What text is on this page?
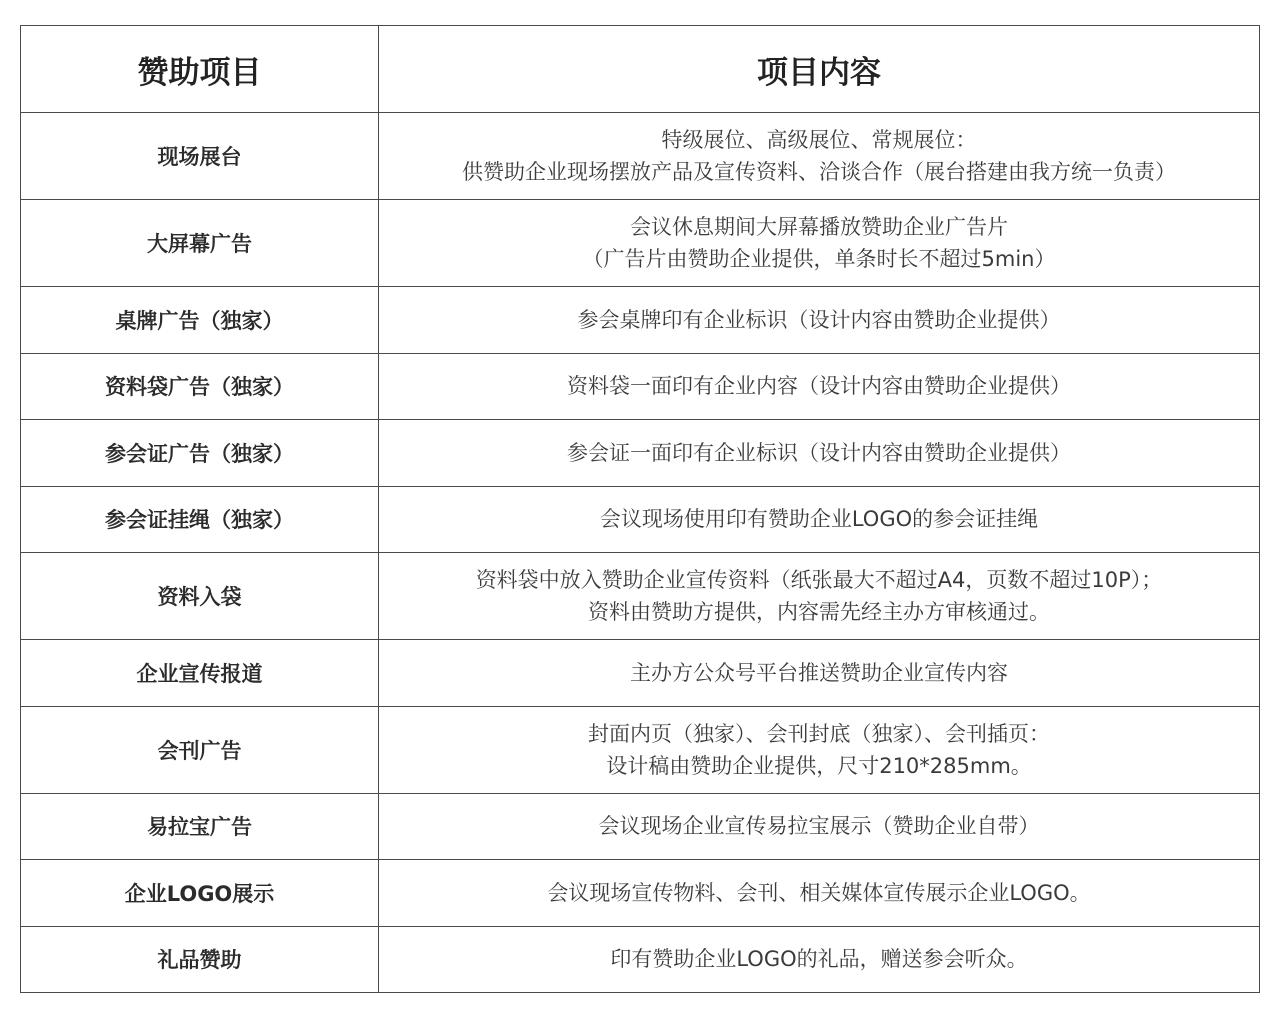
赞助项目	项目内容
现场展台	特级展位、高级展位、常规展位：
供赞助企业现场摆放产品及宣传资料、洽谈合作（展台搭建由我方统一负责）

大屏幕广告	会议休息期间大屏幕播放赞助企业广告片
（广告片由赞助企业提供，单条时长不超过5min）

桌牌广告（独家）	参会桌牌印有企业标识（设计内容由赞助企业提供）

资料袋广告（独家）	资料袋一面印有企业内容（设计内容由赞助企业提供）

参会证广告（独家）	参会证一面印有企业标识（设计内容由赞助企业提供）

参会证挂绳（独家）	会议现场使用印有赞助企业LOGO的参会证挂绳

资料入袋	资料袋中放入赞助企业宣传资料（纸张最大不超过A4，页数不超过10P）；
资料由赞助方提供，内容需先经主办方审核通过。

企业宣传报道	主办方公众号平台推送赞助企业宣传内容

会刊广告	封面内页（独家）、会刊封底（独家）、会刊插页：
设计稿由赞助企业提供，尺寸210*285mm。

易拉宝广告	会议现场企业宣传易拉宝展示（赞助企业自带）

企业LOGO展示	会议现场宣传物料、会刊、相关媒体宣传展示企业LOGO。

礼品赞助	印有赞助企业LOGO的礼品，赠送参会听众。
